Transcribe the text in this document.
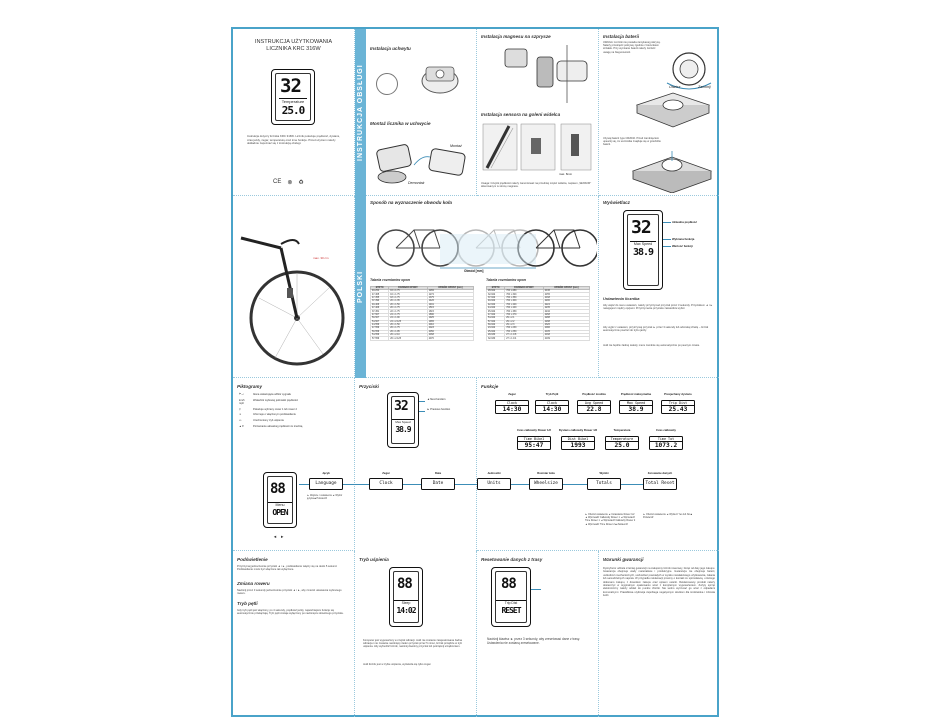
INSTRUKCJA UŻYTKOWANIA
LICZNIKA KRC 316W
32
Temperature
25.0
Instrukcja dotyczy licznika KRC 316W. Licznik pokazuje prędkość, dystans, czas jazdy, zegar, temperaturę oraz inne funkcje. Przed użyciem należy dokładnie zapoznać się z instrukcją obsługi.
CE ⊗ ♻
INSTRUKCJA OBSŁUGI
Instalacja uchwytu
Montaż licznika w uchwycie
Montaż
Demontaż
Instalacja magnesu na szprysze
Instalacja sensora na goleni widelca
max. 8mm
Uwaga: Czujnik prędkości należy zamontować na przedniej części widelca, napisem „SENSOR" skierowanym w stronę magnesu.
Instalacja baterii
UWAGA: Liczniki nie posiada zamykanej pokrywy. Należy przekręcić pokrywę zgodnie z kierunkiem strzałek. Przy wymianie baterii należy zwrócić uwagę na biegunowość.
Otwórz	Zamknij
Używaj baterii typu CR2032. Przed zamknięciem upewnij się, że uszczelka znajduje się w gnieździe baterii.
max. 30 cm
POLSKI
Sposób na wyznaczenie obwodu koła
Obwód [mm]
Tabela rozmiarów opon	Tabela rozmiarów opon
ETRTO	ROZMIAR OPONY	OBWÓD OPONY [mm]
40-254	16 x 1.75	1282
47-305	16 x 1.75	1272
47-355	18 x 1.75	1375
37-390	20 x 1.35	1426
40-406	20 x 1.50	1491
47-406	20 x 1.75	1515
37-451	22 x 1.75	1615
47-507	24 x 1.75	1890
50-507	24 x 1.90	1925
54-507	24 x 2.125	1965
44-559	26 x 1.50	2010
47-559	26 x 1.75	2023
50-559	26 x 1.95	2050
54-559	26 x 2.10	2068
57-559	26 x 2.125	2070
ETRTO	ROZMIAR OPONY	OBWÓD OPONY [mm]
28-622	700 x 28C	2136
32-622	700 x 32C	2155
37-622	700 x 35C	2168
40-622	700 x 40C	2200
42-622	700 x 42C	2224
44-622	700 x 44C	2235
45-622	700 x 45C	2242
47-622	700 x 47C	2268
54-622	29 x 2.1	2288
57-622	29 x 2.2	2298
60-622	29 x 2.3	2326
23-622	700 x 23C	2096
25-622	700 x 25C	2105
28-630	27 x 1 1/8	2168
32-630	27 x 1 1/4	2199
Wyświetlacz
32
Max Speed
38.9
Aktualna prędkość
Wybrana funkcja
Wartość funkcji
Ustawienia licznika
Aby wejść do menu ustawień, należy przytrzymać przycisk przez 3 sekundy. Przyciskiem ◄ i ► nawigujesz między opcjami. Przytrzymanie przycisku zatwierdza wybór.
Aby wyjść z ustawień, przytrzymaj przycisk ► przez 3 sekundy lub odczekaj chwilę – licznik automatycznie powróci do trybu jazdy.
Jeśli nie będzie żadnej reakcji, menu zamknie się automatycznie po pewnym czasie.
Piktogramy
⊢⊣	Ikona wskazująca odbiór sygnału
km/h mph
Wskaźnik wybranej jednostki prędkości
⚲	Pokazuje wybrany rower 1 lub rower 2
☀	Informuje o włączonym podświetleniu
▭	Uruchomiony tryb uśpienia
▲▼	Porównanie aktualnej prędkości ze średnią
88
Menu
OPEN
◄   ►
Przyciski
32
Max Speed
38.9
◄ Next function
► Previous function
Funkcje
Zegar
Clock
14:30
Tryb Pętli
Clock
14:30
Prędkość średnia
Avg Speed
22.8
Prędkość maksymalna
Max Speed
38.9
Przejechany dystans
Trip Dist
25.43
Czas całkowity Rower 1/2
Time Bike1
95:47
Dystans całkowity Rower 1/2
Dist Bike1
1993
Temperatura
Temperature
25.0
Czas całkowity
Time Tot
1073.2
Język
Language
Zegar
Clock
Data
Date
Jednostki
Units
Rozmiar koła
Wheelsize
Wyniki
Totals
Zerowanie danych
Total Reset
► Wejście / ustawienia ◄ Wybór języka ■ Potwierdź
► Obwód ustawienia ◄ Ustawianie Rower 1/2 ◄ Wprowadź Całkowity Rower 1 ◄ Wprowadź Time Rower 1 ◄ Wprowadź Całkowity Rower 2 ◄ Wprowadź Time Rower 2 ■ Zatwierdź
► Obwód ustawienia ◄ Wybierz Yes lub No ■ Potwierdź
Podświetlenie
Przytrzymaj jednocześnie przyciski ◄ i ►, podświetlenie włączy się na około 5 sekund. Podświetlenie może być włączone tak wyłączone.
Zmiana roweru
Naciśnij przez 3 sekundy jednocześnie przyciski ◄ i ►, aby zmienić ustawienia wybranego roweru.
Tryb pętli
Gdy tryb pętli jest włączony, po 4 sekundy, prędkość jazdy, najważniejsze funkcje się automatycznie przełączają. Tryb pętli zostaje wyłączony po naciśnięciu dowolnego przycisku.
Tryb uśpienia
88
Sleep
14:02
Komputer jest wyposażony w czujnik wibracji. Jeśli nie zostanie zarejestrowana żadna wibracja i nie zostanie naciśnięty żaden przycisk przez 5 minut, licznik przejdzie w tryb uśpienia. Aby wybudzić licznik, naciśnij dowolny przycisk lub potrząśnij urządzeniem.
Jeśli licznik jest w trybie uśpienia, wyświetla się tylko zegar.
Resetowanie danych z trasy
88
Trip Dist
RESET
Naciśnij klawisz ► przez 3 sekundy, aby zresetować dane z trasy. Ustawienia nie zostaną zresetowane.
Warunki gwarancji
Dystrybutor udziela 2-letniej gwarancji na zakupiony licznik rowerowy, licząc od daty jego zakupu. Gwarancja obejmuje wady materiałowe i produkcyjne. Gwarancja nie obejmuje baterii, uszkodzeń mechanicznych, uszkodzeń powstałych w wyniku niewłaściwego użytkowania, zalania lub samodzielnych napraw. W przypadku reklamacji prosimy o kontakt ze sprzedawcą, u którego dokonano zakupu, z dowodem zakupu oraz opisem usterki. Reklamowany produkt należy dostarczyć w oryginalnym opakowaniu wraz z kompletnym wyposażeniem. Zużyty sprzęt elektroniczny należy oddać do punktu zbiórki. Nie wolno wyrzucać go wraz z odpadami komunalnymi. Prawidłowa utylizacja zapobiega negatywnym skutkom dla środowiska i zdrowia ludzi.
